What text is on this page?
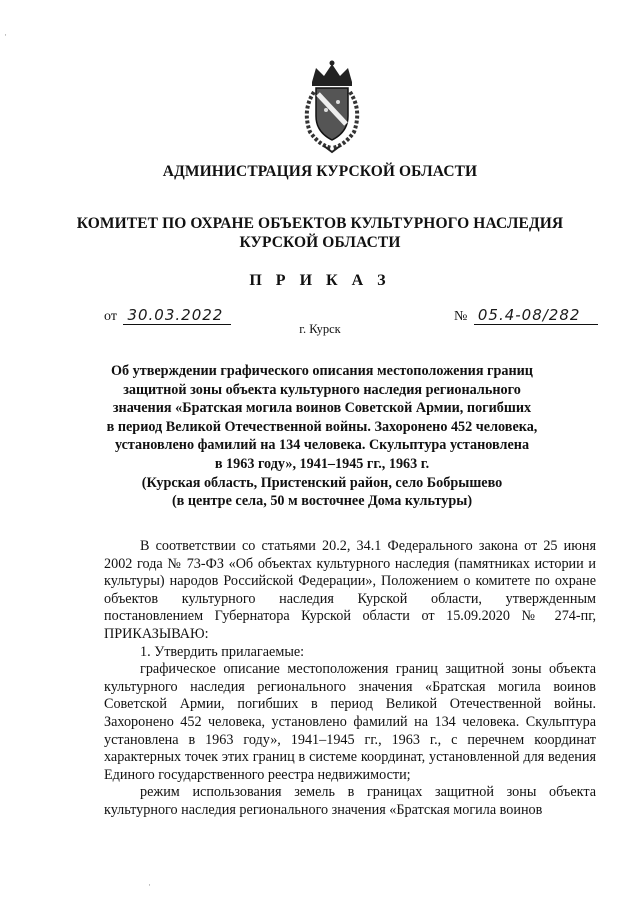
АДМИНИСТРАЦИЯ КУРСКОЙ ОБЛАСТИ
КОМИТЕТ ПО ОХРАНЕ ОБЪЕКТОВ КУЛЬТУРНОГО НАСЛЕДИЯ
КУРСКОЙ ОБЛАСТИ
П Р И К А З
от 30.03.2022	№ 05.4-08/282
г. Курск
Об утверждении графического описания местоположения границ
защитной зоны объекта культурного наследия регионального
значения «Братская могила воинов Советской Армии, погибших
в период Великой Отечественной войны. Захоронено 452 человека,
установлено фамилий на 134 человека. Скульптура установлена
в 1963 году», 1941–1945 гг., 1963 г.
(Курская область, Пристенский район, село Бобрышево
(в центре села, 50 м восточнее Дома культуры)

В соответствии со статьями 20.2, 34.1 Федерального закона от 25 июня 2002 года № 73-ФЗ «Об объектах культурного наследия (памятниках истории и культуры) народов Российской Федерации», Положением о комитете по охране объектов культурного наследия Курской области, утвержденным постановлением Губернатора Курской области от 15.09.2020 № 274-пг, ПРИКАЗЫВАЮ:

1. Утвердить прилагаемые:

графическое описание местоположения границ защитной зоны объекта культурного наследия регионального значения «Братская могила воинов Советской Армии, погибших в период Великой Отечественной войны. Захоронено 452 человека, установлено фамилий на 134 человека. Скульптура установлена в 1963 году», 1941–1945 гг., 1963 г., с перечнем координат характерных точек этих границ в системе координат, установленной для ведения Единого государственного реестра недвижимости;

режим использования земель в границах защитной зоны объекта культурного наследия регионального значения «Братская могила воинов

·
·
